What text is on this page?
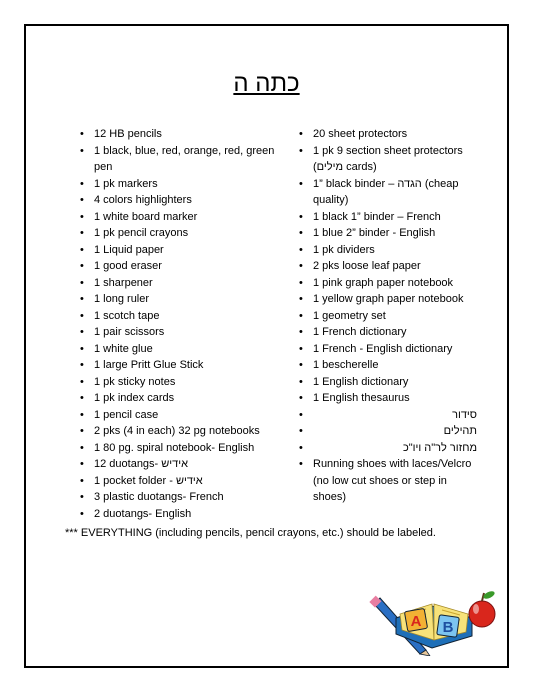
כתה ה
• 12 HB pencils
• 1 black, blue, red, orange, red, green pen
• 1 pk markers
• 4 colors highlighters
• 1 white board marker
• 1 pk pencil crayons
• 1 Liquid paper
• 1 good eraser
• 1 sharpener
• 1 long ruler
• 1 scotch tape
• 1 pair scissors
• 1 white glue
• 1 large Pritt Glue Stick
• 1 pk sticky notes
• 1 pk index cards
• 1 pencil case
• 2 pks (4 in each) 32 pg notebooks
• 1 80 pg. spiral notebook- English
• 12 duotangs- אידיש
• 1 pocket folder - אידיש
• 3 plastic duotangs- French
• 2 duotangs- English
• 20 sheet protectors
• 1 pk 9 section sheet protectors (מילים cards)
• 1” black binder – הגדה (cheap quality)
• 1 black 1” binder – French
• 1 blue 2” binder - English
• 1 pk dividers
• 2 pks loose leaf paper
• 1 pink graph paper notebook
• 1 yellow graph paper notebook
• 1 geometry set
• 1 French dictionary
• 1 French - English dictionary
• 1 bescherelle
• 1 English dictionary
• 1 English thesaurus
• סידור
• תהילים
• מחזור לר"ה ויו"כ
• Running shoes with laces/Velcro (no low cut shoes or step in shoes)
*** EVERYTHING (including pencils, pencil crayons, etc.) should be labeled.
A B
